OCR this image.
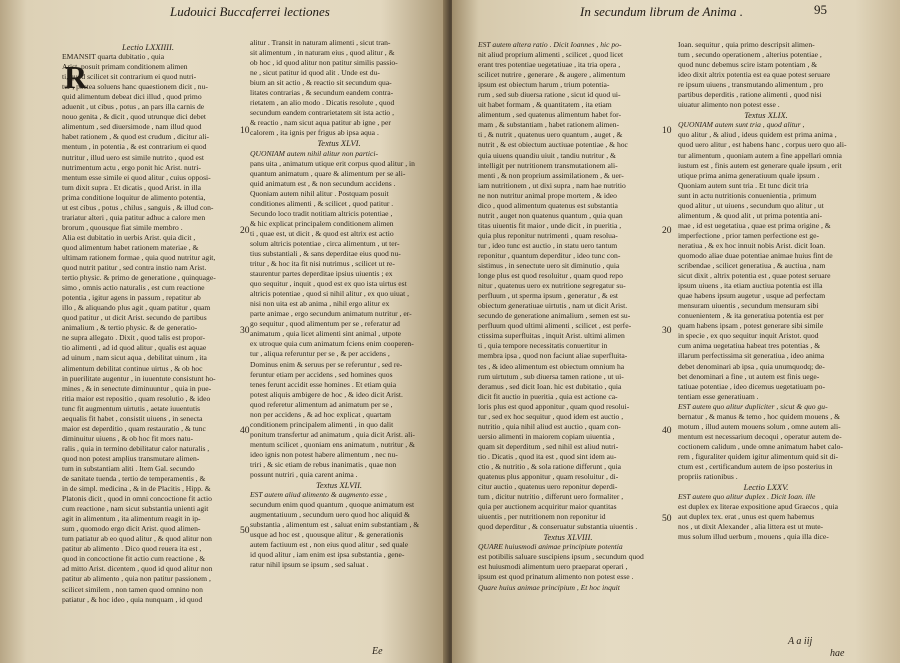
Ludouici Buccaferrei lectiones
R
Lectio LXXIIII.
EMANSIT quarta dubitatio , quia
Arist. posuit primam conditionem alimen
ti, quod scilicet sit contrarium ei quod nutri-
tur , postea soluens hanc quaestionem dicit , nu-
quid alimentum debeat dici illud , quod primo
aduenit , ut cibus , potus , an pars illa carnis de
nouo genita , & dicit , quod utrunque dici debet
alimentum , sed diuersimode , nam illud quod
habet rationem , & quod est crudum , dicitur ali-
mentum , in potentia , & est contrarium ei quod
nutritur , illud uero est simile nutrito , quod est
nutrimentum actu , ergo ponit hic Arist. nutri-
mentum esse simile ei quod alitur , cuius opposi-
tum dixit supra . Et dicatis , quod Arist. in illa
prima conditione loquitur de alimento potentia,
ut est cibus , potus , chilus , sanguis , & illud con-
trariatur alteri , quia patitur adhuc a calore men
brorum , quousque fiat simile membro .
Alia est dubitatio in uerbis Arist. quia dicit ,
quod alimentum habet rationem materiae , &
ultimam rationem formae , quia quod nutritur agit,
quod nutrit patitur , sed contra instio nam Arist.
tertio physic. & primo de generatione , quinquage-
simo , omnis actio naturalis , est cum reactione
potentia , igitur agens in passum , repatitur ab
illo , & aliquando plus agit , quam patitur , quam
quod patitur , ut dicit Arist. secundo de partibus
animalium , & tertio physic. & de generatio-
ne supra allegato . Dixit , quod talis est propor-
tio alimenti , ad id quod alitur , qualis est aquae
ad uinum , nam sicut aqua , debilitat uinum , ita
alimentum debilitat continue uirtus , & ob hoc
in puerilitate augentur , in iuuentute consistunt ho-
mines , & in senectute diminuuntur , quia in pue-
ritia maior est repositio , quam resolutio , & ideo
tunc fit augmentum uirtutis , aetate iuuentutis
aequalis fit habet , consistit uiuens , in senecta
maior est deperditio , quam restauratio , & tunc
diminuitur uiuens , & ob hoc fit mors natu-
ralis , quia in termino debilitatur calor naturalis ,
quod non potest amplius transmutare alimen-
tum in substantiam aliti . Item Gal. secundo
de sanitate tuenda , tertio de temperamentis , &
in de simpl. medicina , & in de Placitis , Hipp. &
Platonis dicit , quod in omni concoctione fit actio
cum reactione , nam sicut substantia unienti agit
agit in alimentum , ita alimentum reagit in ip-
sum , quomodo ergo dicit Arist. quod alimen-
tum patiatur ab eo quod alitur , & quod alitur non
patitur ab alimento . Dico quod reuera ita est ,
quod in concoctione fit actio cum reactione , &
ad mitto Arist. dicentem , quod id quod alitur non
patitur ab alimento , quia non patitur passionem ,
scilicet similem , non tamen quod omnino non
patiatur , & hoc ideo , quia nunquam , id quod
alitur . Transit in naturam alimenti , sicut tran-
sit alimentum , in naturam eius , quod alitur , &
ob hoc , id quod alitur non patitur similis passio-
ne , sicut patitur id quod alit . Unde est du-
bium an sit actio , & reactio sit secundum qua-
litates contrarias , & secundum eandem contra-
rietatem , an alio modo . Dicatis resolute , quod
secundum eandem contrarietatem sit ista actio ,
& reactio , nam sicut aqua patitur ab igne , per
calorem , ita ignis per frigus ab ipsa aqua .
Textus XLVI.
QUONIAM autem nihil alitur non partici-
pans uita , animatum utique erit corpus quod alitur , in
quantum animatum , quare & alimentum per se ali-
quid animatum est , & non secundum accidens .
Quoniam autem nihil alitur . Postquam posuit
conditiones alimenti , & scilicet , quod patitur .
Secundo loco tradit notitiam altricis potentiae ,
& hic explicat principalem conditionem alimen
ti , quae est, ut dicit , & quod est altrix est actio
solum altricis potentiae , circa alimentum , ut ter-
tius substantiali , & sans deperditae eius quod nu-
tritur , & hoc ita fit nisi nutrimus , scilicet ut re-
staurentur partes deperditae ipsius uiuentis ; ex
quo sequitur , inquit , quod est ex quo ista uirtus est
altricis potentiae , quod si nihil alitur , ex quo uiuat ,
nisi non uita est ab anima , nihil ergo alitur ex
parte animae , ergo secundum animatum nutritur , er-
go sequitur , quod alimentum per se , referatur ad
animatum , quia licet alimenti sint animal , utpote
ex utroque quia cum animatum fciens enim cooperen-
tur , aliqua referuntur per se , & per accidens ,
Dominus enim & seruus per se referuntur , sed re-
feruntur etiam per accidens , sed homines quos
tenes ferunt accidit esse homines . Et etiam quia
potest aliquis ambigere de hoc , & ideo dicit Arist.
quod referetur alimentum ad animatum per se ,
non per accidens , & ad hoc explicat , quartam
conditionem principalem alimenti , in quo dalit
ponitum transfertur ad animatum , quia dicit Arist. ali-
mentum scilicet , quoniam ens animatum , nutritur , &
ideo ignis non potest habere alimentum , nec nu-
triri , & sic etiam de rebus inanimatis , quae non
possunt nutriri , quia carent anima .
Textus XLVII.
EST autem aliud alimento & augmento esse ,
secundum enim quod quantum , quoque animatum est
augmentatiuum , secundum uero quod hoc aliquid &
substantia , alimentum est , saluat enim substantiam , &
usque ad hoc est , quousque alitur , & generationis
autem factiuum est , non eius quod alitur , sed quale
id quod alitur , iam enim est ipsa substantia , gene-
ratur nihil ipsum se ipsum , sed saluat .
10
20
30
40
50
Ee
In secundum librum de Anima .	95
EST autem altera ratio . Dicit Ioannes , hic po-
nit aliud proprium alimenti , scilicet , quod licet
erant tres potentiae uegetatiuae , ita tria opera ,
scilicet nutrire , generare , & augere , alimentum
ipsum est obiectum harum , trium potentia-
rum , sed sub diuersa ratione , sicut id quod ui-
uit habet formam , & quantitatem , ita etiam
alimentum , sed quatenus alimentum habet for-
mam , & substantiam , habet rationem alimen-
ti , & nutrit , quatenus uero quantum , auget , &
nutrit , & est obiectum auctiuae potentiae , & hoc
quia uiuens quandiu uiuit , tandiu nutritur , &
intelligit per nutritionem transmutationem ali-
menti , & non proprium assimilationem , & uer-
iam nutritionem , ut dixi supra , nam hae nutritio
ne non nutritur animal prope mortem , & ideo
dico , quod alimentum quatenus est substantia
nutrit , auget non quatenus quantum , quia quan
titas uiuentis fit maior , unde dicit , in pueritia ,
quia plus reponitur nutrimenti , quam resolua-
tur , ideo tunc est auctio , in statu uero tantum
reponitur , quantum deperditur , ideo tunc con-
sistimus , in senectute uero sit diminutio , quia
longe plus est quod resoluitur , quam quod repo
nitur , quatenus uero ex nutritione segregatur su-
perfluum , ut sperma ipsum , generatur , & est
obiectum generatiuae uirtutis , nam ut dicit Arist.
secundo de generatione animalium , semen est su-
perfluum quod ultimi alimenti , scilicet , est perfe-
ctissima superfluitas , inquit Arist. ultimi alimen
ti , quia tempore necessitatis conuertitur in
membra ipsa , quod non faciunt aliae superfluita-
tes , & ideo alimentum est obiectum omnium ha
rum uirtutum , sub diuersa tamen ratione , ut ui-
deramus , sed dicit Ioan. hic est dubitatio , quia
dicit fit auctio in pueritia , quia est actione ca-
loris plus est quod apponitur , quam quod resolui-
tur , sed ex hoc sequitur , quod idem est auctio ,
nutritio , quia nihil aliud est auctio , quam con-
uersio alimenti in maiorem copiam uiuentia ,
quam sit deperditum , sed nihil est aliud nutri-
tio . Dicatis , quod ita est , quod sint idem au-
ctio , & nutritio , & sola ratione differunt , quia
quatenus plus apponitur , quam resoluitur , di-
citur auctio , quatenus uero reponitur deperdi-
tum , dicitur nutritio , differunt uero formaliter ,
quia per auctionem acquiritur maior quantitas
uiuentis , per nutritionem non reponitur id
quod deperditur , & conseruatur substantia uiuentis .
Textus XLVIII.
QUARE huiusmodi animae principium potentia
est potibilis saluare suscipiens ipsum , secundum quod
est huiusmodi alimentum uero praeparat operari ,
ipsum est quod prinatum alimento non potest esse .
Quare huius animae principium , Et hoc inquit
Ioan. sequitur , quia primo descripsit alimen-
tum , secundo operationem , alterius potentiae ,
quod nunc debemus scire istam potentiam , &
ideo dixit altrix potentia est ea quae potest seruare
re ipsum uiuens , transmutando alimentum , pro
partibus deperditis , ratione alimenti , quod nisi
uiuatur alimento non potest esse .
Textus XLIX.
QUONIAM autem sunt tria , quod alitur ,
quo alitur , & aliud , ideus quidem est prima anima ,
quod uero alitur , est habens hanc , corpus uero quo ali-
tur alimentum , quoniam autem a fine appellari omnia
iustum est , finis autem est generare quale ipsum , erit
utique prima anima generatiuum quale ipsum .
Quoniam autem sunt tria . Et tunc dicit tria
sunt in actu nutritionis conuenientia , primum
quod alitur , ut uiuens , secundum quo alitur , ut
alimentum , & quod alit , ut prima potentia ani-
mae , id est uegetatiua , quae est prima origine , &
imperfectione , prior tamen perfectione est ge-
neratiua , & ex hoc innuit nobis Arist. dicit Ioan.
quomodo aliae duae potentiae animae huius fint de
scribendae , scilicet generatiua , & auctiua , nam
sicut dixit , altrix potentia est , quae potest seruare
ipsum uiuens , ita etiam auctiua potentia est illa
quae habens ipsum augetur , usque ad perfectam
mensuram uiuentis , secundum mensuram sibi
conuenientem , & ita generatiua potentia est per
quam habens ipsam , potest generare sibi simile
in specie , ex quo sequitur inquit Aristot. quod
cum anima uegetatiua habeat tres potentias , &
illarum perfectissima sit generatiua , ideo anima
debet denominari ab ipsa , quia unumquodq; de-
bet denominari a fine , ut autem est finis uege-
tatiuae potentiae , ideo dicemus uegetatiuam po-
tentiam esse generatiuam .
EST autem quo alitur dupliciter , sicut & quo gu-
bernatur , & manus & temo , hoc quidem mouens , &
motum , illud autem mouens solum , omne autem ali-
mentum est necessarium decoqui , operatur autem de-
coctionem calidum , unde omne animatum habet calo-
rem , figuraliter quidem igitur alimentum quid sit di-
ctum est , certificandum autem de ipso posterius in
propriis rationibus .
Lectio LXXV.
EST autem quo alitur duplex . Dicit Ioan. ille
est duplex ex literae expositione apud Graecos , quia
aut duplex tex. erat , unus est quem habemus
nos , ut dixit Alexander , alia littera est ut mute-
mus solum illud uerbum , mouens , quia illa dice-
10
20
30
40
50
A a iij
hae
